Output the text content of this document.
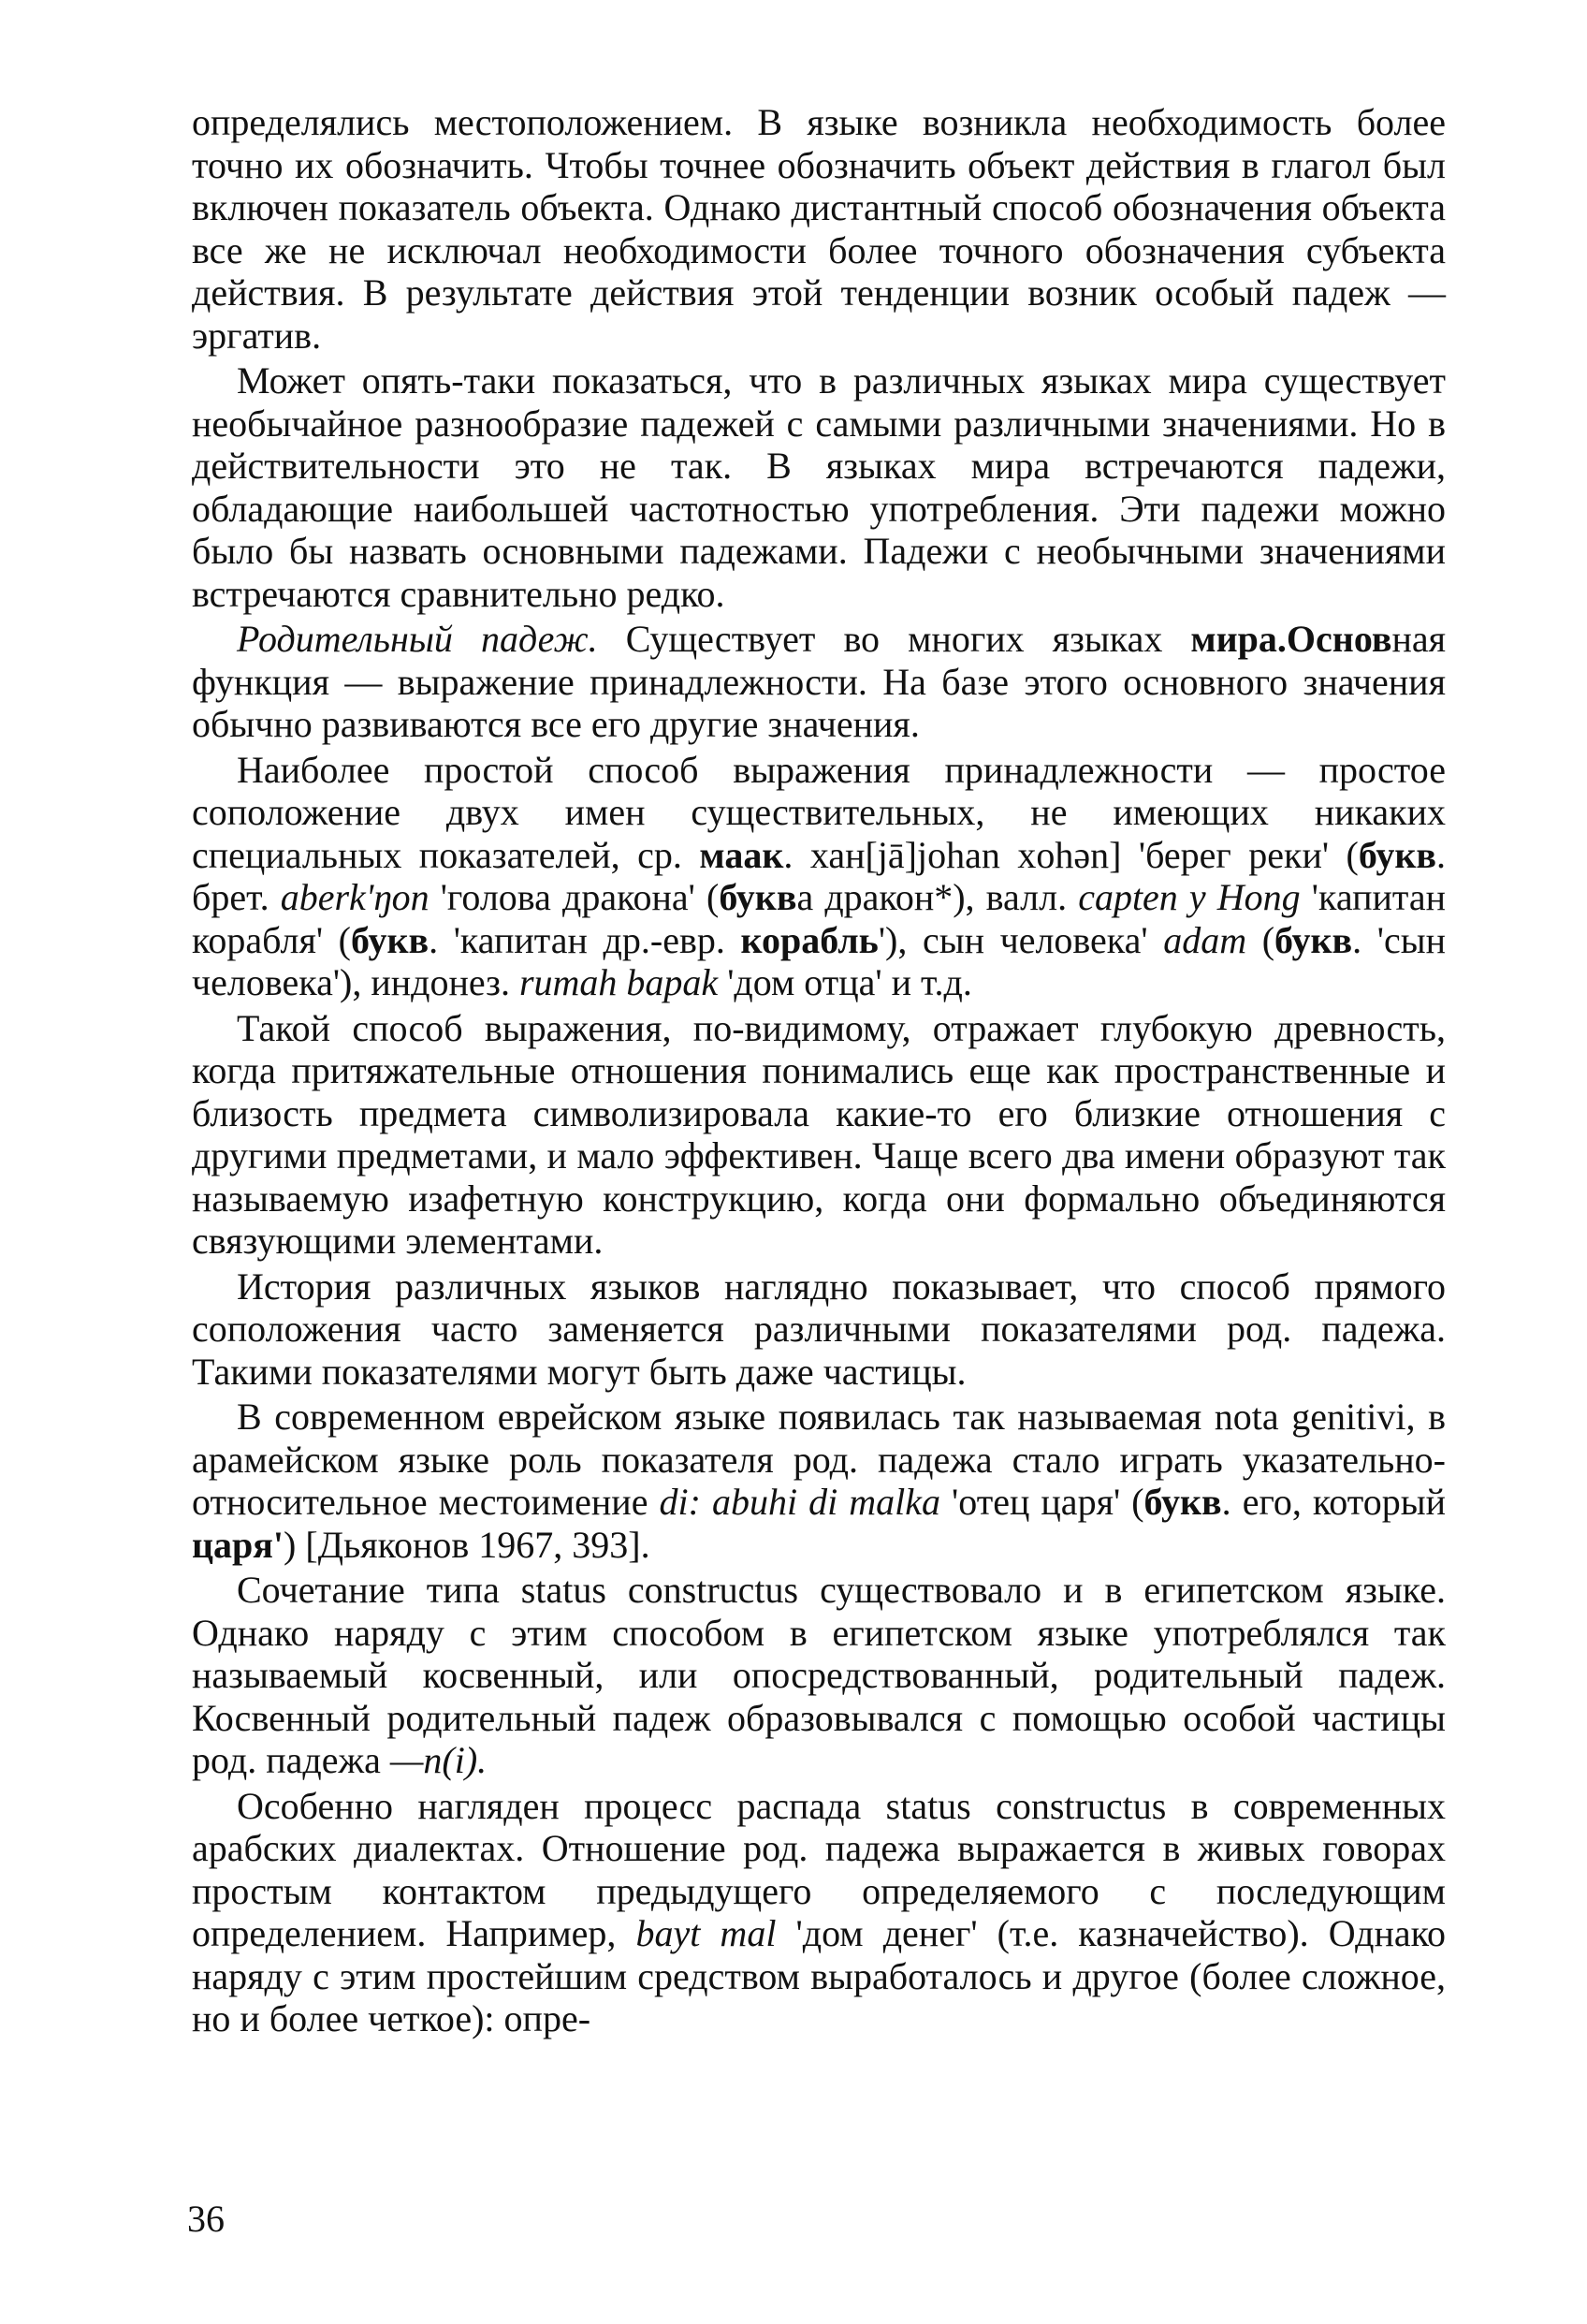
определялись местоположением. В языке возникла необходимость более точно их обозначить. Чтобы точнее обозначить объект действия в глагол был включен показатель объекта. Однако дистантный способ обозначения объекта все же не исключал необходимости более точного обозначения субъекта действия. В результате действия этой тенденции возник особый падеж — эргатив.

Может опять-таки показаться, что в различных языках мира существует необычайное разнообразие падежей с самыми различными значениями. Но в действительности это не так. В языках мира встречаются падежи, обладающие наибольшей частотностью употребления. Эти падежи можно было бы назвать основными падежами. Падежи с необычными значениями встречаются сравнительно редко.

Родительный падеж. Существует во многих языках мира.Основная функция — выражение принадлежности. На базе этого основного значения обычно развиваются все его другие значения.

Наиболее простой способ выражения принадлежности — простое соположение двух имен существительных, не имеющих никаких специальных показателей, ср. маак. хан[jā]johan xohən] 'берег реки' (букв. брет. aberk'ŋon 'голова дракона' (буква дракон*), валл. capten y Hong 'капитан корабля' (букв. 'капитан др.-евр. корабль'), сын человека' adam (букв. 'сын человека'), индонез. rumah bapak 'дом отца' и т.д.

Такой способ выражения, по-видимому, отражает глубокую древность, когда притяжательные отношения понимались еще как пространственные и близость предмета символизировала какие-то его близкие отношения с другими предметами, и мало эффективен. Чаще всего два имени образуют так называемую изафетную конструкцию, когда они формально объединяются связующими элементами.

История различных языков наглядно показывает, что способ прямого соположения часто заменяется различными показателями род. падежа. Такими показателями могут быть даже частицы.

В современном еврейском языке появилась так называемая nota genitivi, в арамейском языке роль показателя род. падежа стало играть указательно-относительное местоимение di: abuhi di malka 'отец царя' (букв. его, который царя') [Дьяконов 1967, 393].

Сочетание типа status constructus существовало и в египетском языке. Однако наряду с этим способом в египетском языке употреблялся так называемый косвенный, или опосредствованный, родительный падеж. Косвенный родительный падеж образовывался с помощью особой частицы род. падежа —n(i).

Особенно нагляден процесс распада status constructus в современных арабских диалектах. Отношение род. падежа выражается в живых говорах простым контактом предыдущего определяемого с последующим определением. Например, bayt mal 'дом денег' (т.е. казначейство). Однако наряду с этим простейшим средством выработалось и другое (более сложное, но и более четкое): опре-

36
